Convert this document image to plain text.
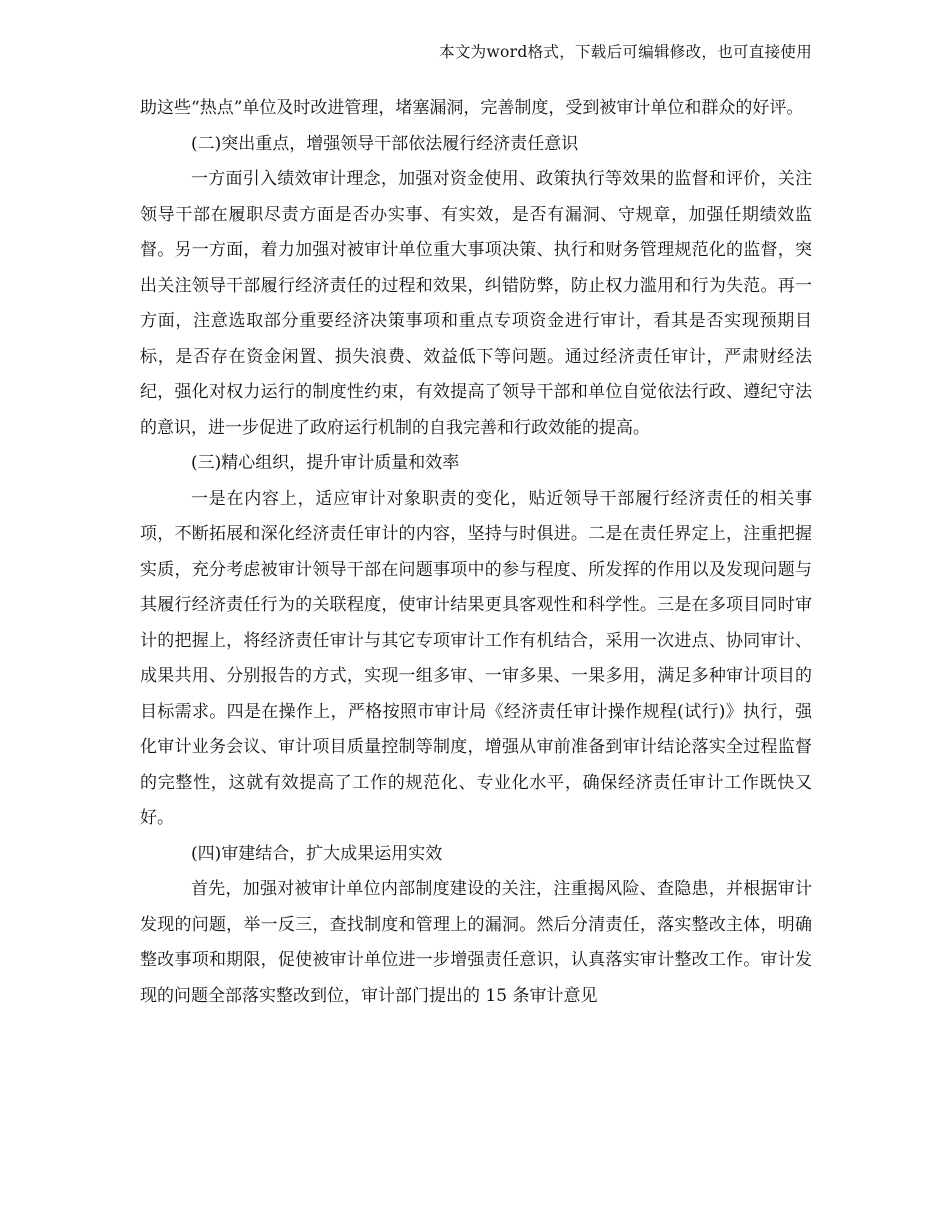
本文为word格式，下载后可编辑修改，也可直接使用

助这些“热点”单位及时改进管理，堵塞漏洞，完善制度，受到被审计单位和群众的好评。

(二)突出重点，增强领导干部依法履行经济责任意识

一方面引入绩效审计理念，加强对资金使用、政策执行等效果的监督和评价，关注领导干部在履职尽责方面是否办实事、有实效，是否有漏洞、守规章，加强任期绩效监督。另一方面，着力加强对被审计单位重大事项决策、执行和财务管理规范化的监督，突出关注领导干部履行经济责任的过程和效果，纠错防弊，防止权力滥用和行为失范。再一方面，注意选取部分重要经济决策事项和重点专项资金进行审计，看其是否实现预期目标，是否存在资金闲置、损失浪费、效益低下等问题。通过经济责任审计，严肃财经法纪，强化对权力运行的制度性约束，有效提高了领导干部和单位自觉依法行政、遵纪守法的意识，进一步促进了政府运行机制的自我完善和行政效能的提高。

(三)精心组织，提升审计质量和效率

一是在内容上，适应审计对象职责的变化，贴近领导干部履行经济责任的相关事项，不断拓展和深化经济责任审计的内容，坚持与时俱进。二是在责任界定上，注重把握实质，充分考虑被审计领导干部在问题事项中的参与程度、所发挥的作用以及发现问题与其履行经济责任行为的关联程度，使审计结果更具客观性和科学性。三是在多项目同时审计的把握上，将经济责任审计与其它专项审计工作有机结合，采用一次进点、协同审计、成果共用、分别报告的方式，实现一组多审、一审多果、一果多用，满足多种审计项目的目标需求。四是在操作上，严格按照市审计局《经济责任审计操作规程(试行)》执行，强化审计业务会议、审计项目质量控制等制度，增强从审前准备到审计结论落实全过程监督的完整性，这就有效提高了工作的规范化、专业化水平，确保经济责任审计工作既快又好。

(四)审建结合，扩大成果运用实效

首先，加强对被审计单位内部制度建设的关注，注重揭风险、查隐患，并根据审计发现的问题，举一反三，查找制度和管理上的漏洞。然后分清责任，落实整改主体，明确整改事项和期限，促使被审计单位进一步增强责任意识，认真落实审计整改工作。审计发现的问题全部落实整改到位，审计部门提出的 15 条审计意见
